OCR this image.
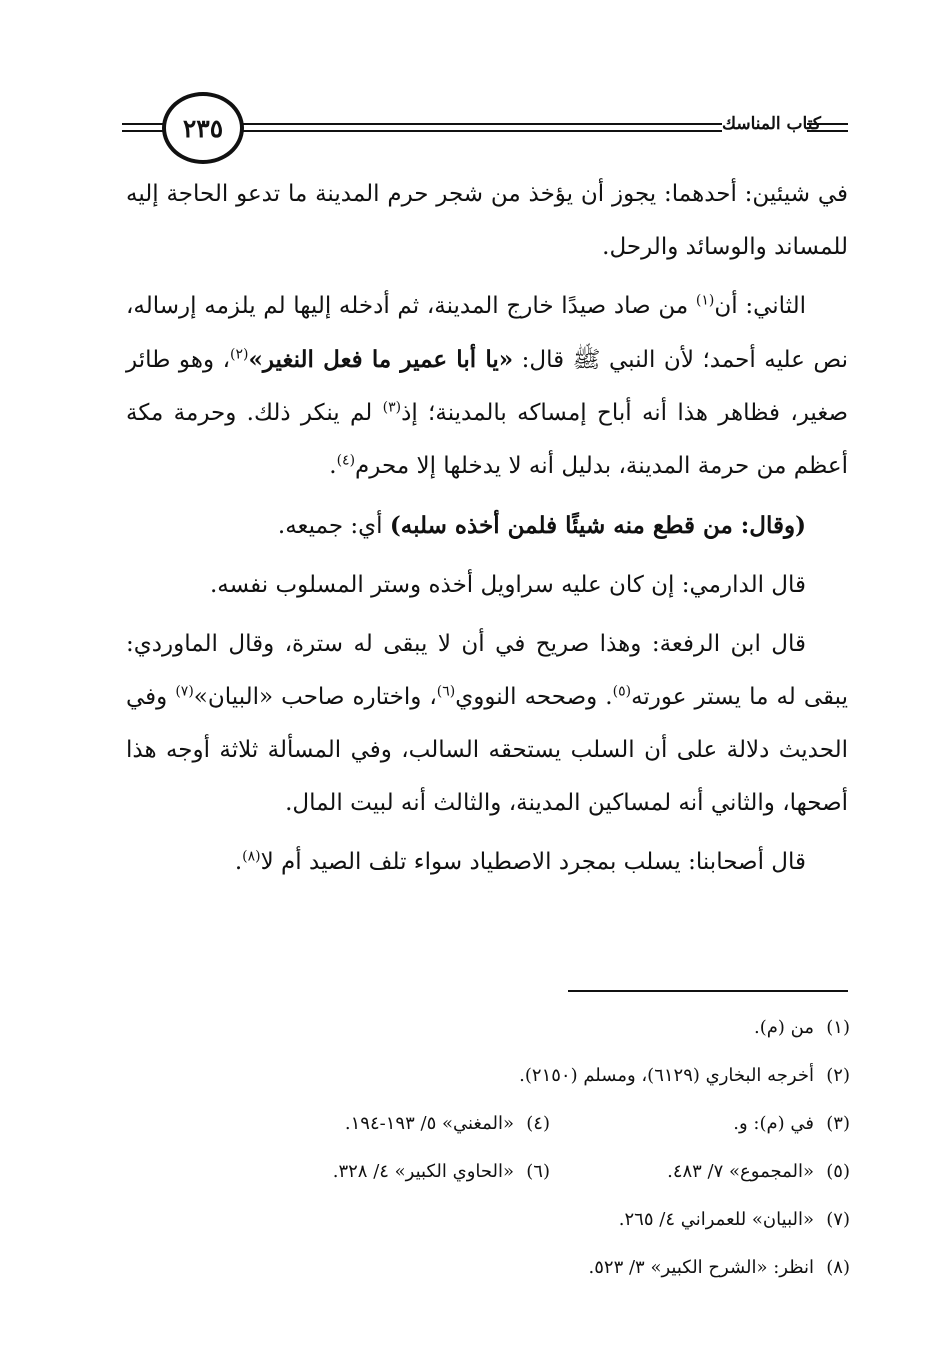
٢٣٥	كتاب المناسك

في شيئين: أحدهما: يجوز أن يؤخذ من شجر حرم المدينة ما تدعو الحاجة إليه للمساند والوسائد والرحل.

الثاني: أن$^{(١)}$ من صاد صيدًا خارج المدينة، ثم أدخله إليها لم يلزمه إرساله، نص عليه أحمد؛ لأن النبي ﷺ قال: «يا أبا عمير ما فعل النغير»$^{(٢)}$، وهو طائر صغير، فظاهر هذا أنه أباح إمساكه بالمدينة؛ إذ$^{(٣)}$ لم ينكر ذلك. وحرمة مكة أعظم من حرمة المدينة، بدليل أنه لا يدخلها إلا محرم$^{(٤)}$.

(وقال: من قطع منه شيئًا فلمن أخذه سلبه) أي: جميعه.

قال الدارمي: إن كان عليه سراويل أخذه وستر المسلوب نفسه.

قال ابن الرفعة: وهذا صريح في أن لا يبقى له سترة، وقال الماوردي: يبقى له ما يستر عورته$^{(٥)}$. وصححه النووي$^{(٦)}$، واختاره صاحب «البيان»$^{(٧)}$ وفي الحديث دلالة على أن السلب يستحقه السالب، وفي المسألة ثلاثة أوجه هذا أصحها، والثاني أنه لمساكين المدينة، والثالث أنه لبيت المال.

قال أصحابنا: يسلب بمجرد الاصطياد سواء تلف الصيد أم لا$^{(٨)}$.

(١)
من (م).
(٢)
أخرجه البخاري (٦١٢٩)، ومسلم (٢١٥٠).
(٣)
في (م): و.
(٤)
«المغني» ٥/ ١٩٣-١٩٤.
(٥)
«المجموع» ٧/ ٤٨٣.
(٦)
«الحاوي الكبير» ٤/ ٣٢٨.
(٧)
«البيان» للعمراني ٤/ ٢٦٥.
(٨)
انظر: «الشرح الكبير» ٣/ ٥٢٣.
